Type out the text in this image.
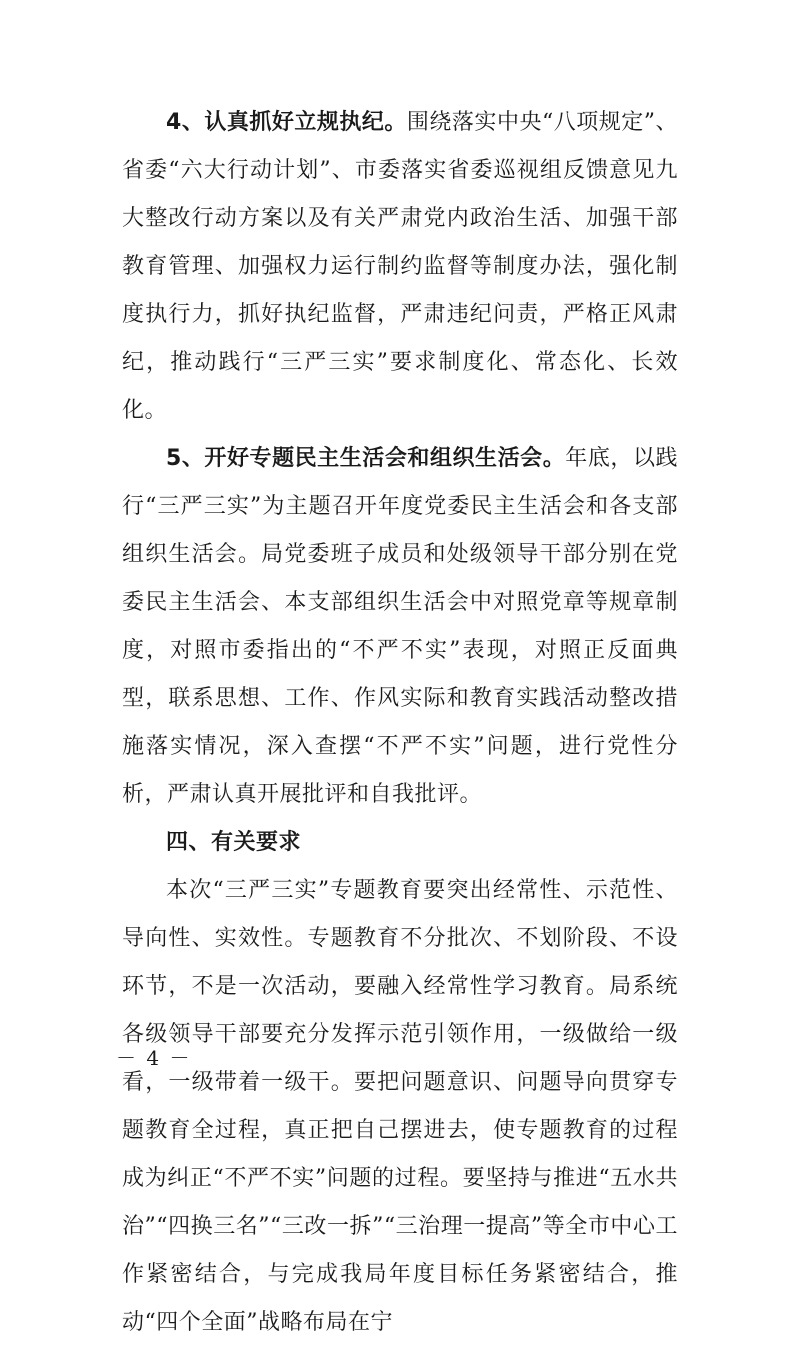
4、认真抓好立规执纪。围绕落实中央“八项规定”、省委“六大行动计划”、市委落实省委巡视组反馈意见九大整改行动方案以及有关严肃党内政治生活、加强干部教育管理、加强权力运行制约监督等制度办法，强化制度执行力，抓好执纪监督，严肃违纪问责，严格正风肃纪，推动践行“三严三实”要求制度化、常态化、长效化。

5、开好专题民主生活会和组织生活会。年底，以践行“三严三实”为主题召开年度党委民主生活会和各支部组织生活会。局党委班子成员和处级领导干部分别在党委民主生活会、本支部组织生活会中对照党章等规章制度，对照市委指出的“不严不实”表现，对照正反面典型，联系思想、工作、作风实际和教育实践活动整改措施落实情况，深入查摆“不严不实”问题，进行党性分析，严肃认真开展批评和自我批评。

四、有关要求

本次“三严三实”专题教育要突出经常性、示范性、导向性、实效性。专题教育不分批次、不划阶段、不设环节，不是一次活动，要融入经常性学习教育。局系统各级领导干部要充分发挥示范引领作用，一级做给一级看，一级带着一级干。要把问题意识、问题导向贯穿专题教育全过程，真正把自己摆进去，使专题教育的过程成为纠正“不严不实”问题的过程。要坚持与推进“五水共治”“四换三名”“三改一拆”“三治理一提高”等全市中心工作紧密结合，与完成我局年度目标任务紧密结合，推动“四个全面”战略布局在宁

－ 4 －
